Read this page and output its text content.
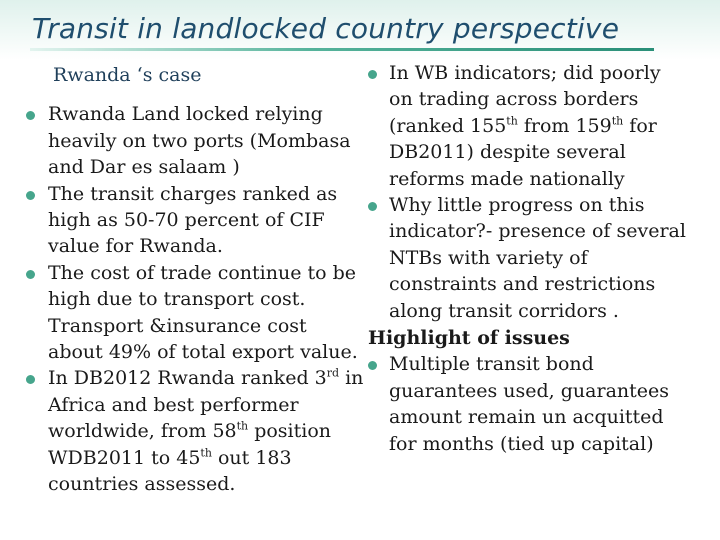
Transit in landlocked country perspective
Rwanda ‘s case
Rwanda Land locked relying
heavily on two ports (Mombasa
and Dar es salaam )
The transit charges ranked as
high as 50-70 percent of CIF
value for Rwanda.
The cost of trade continue to be
high due to transport cost.
Transport &insurance cost
about 49% of total export value.
In DB2012 Rwanda ranked 3rd in
Africa and best performer
worldwide, from 58th position
WDB2011 to 45th out 183
countries assessed.
In WB indicators; did poorly
on trading across borders
(ranked 155th from 159th for
DB2011) despite several
reforms made nationally
Why little progress on this
indicator?- presence of several
NTBs with variety of
constraints and restrictions
along transit corridors .
Highlight of issues
Multiple transit bond
guarantees used, guarantees
amount remain un acquitted
for months (tied up capital)
